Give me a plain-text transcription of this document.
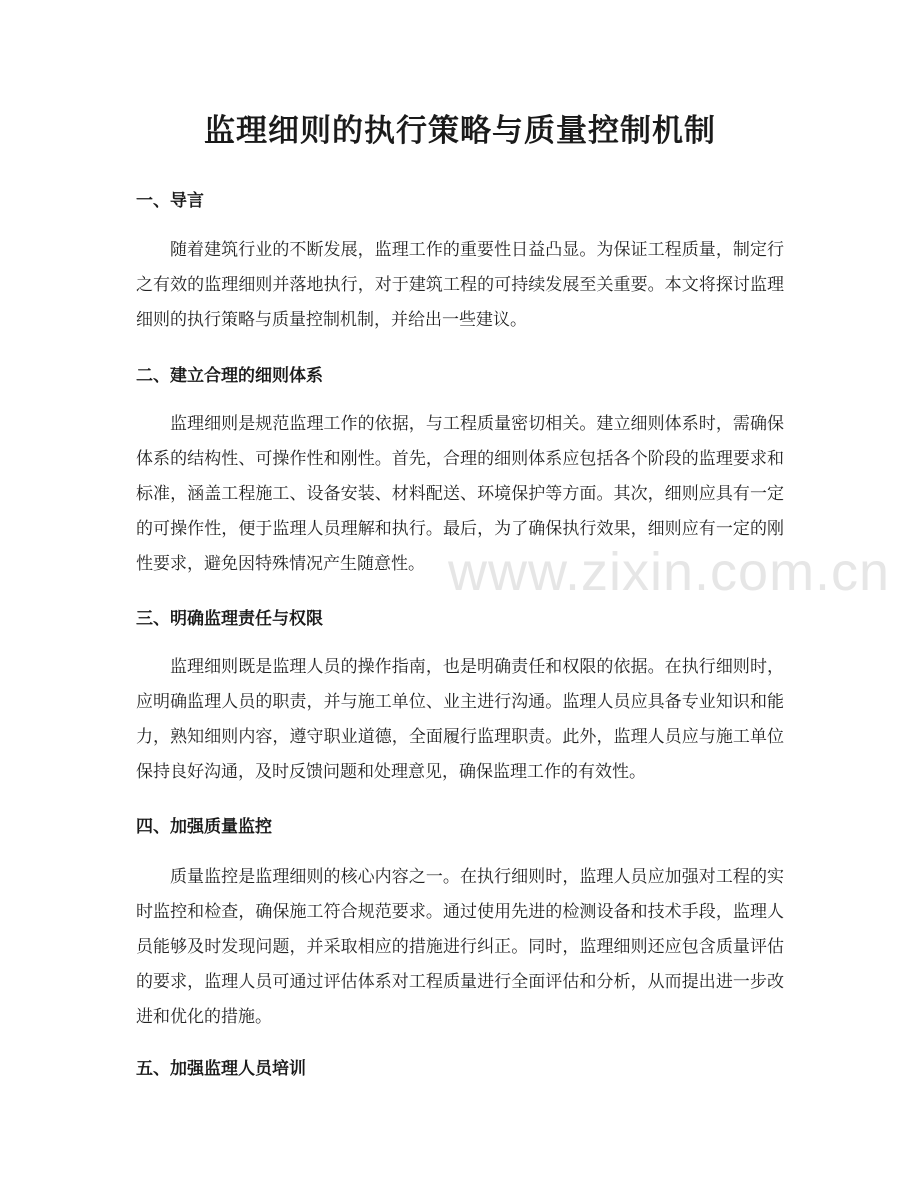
监理细则的执行策略与质量控制机制
一、导言

随着建筑行业的不断发展，监理工作的重要性日益凸显。为保证工程质量，制定行之有效的监理细则并落地执行，对于建筑工程的可持续发展至关重要。本文将探讨监理细则的执行策略与质量控制机制，并给出一些建议。

二、建立合理的细则体系

监理细则是规范监理工作的依据，与工程质量密切相关。建立细则体系时，需确保体系的结构性、可操作性和刚性。首先，合理的细则体系应包括各个阶段的监理要求和标准，涵盖工程施工、设备安装、材料配送、环境保护等方面。其次，细则应具有一定的可操作性，便于监理人员理解和执行。最后，为了确保执行效果，细则应有一定的刚性要求，避免因特殊情况产生随意性。 www.zixin.com.cn
三、明确监理责任与权限

监理细则既是监理人员的操作指南，也是明确责任和权限的依据。在执行细则时，应明确监理人员的职责，并与施工单位、业主进行沟通。监理人员应具备专业知识和能力，熟知细则内容，遵守职业道德，全面履行监理职责。此外，监理人员应与施工单位保持良好沟通，及时反馈问题和处理意见，确保监理工作的有效性。

四、加强质量监控

质量监控是监理细则的核心内容之一。在执行细则时，监理人员应加强对工程的实时监控和检查，确保施工符合规范要求。通过使用先进的检测设备和技术手段，监理人员能够及时发现问题，并采取相应的措施进行纠正。同时，监理细则还应包含质量评估的要求，监理人员可通过评估体系对工程质量进行全面评估和分析，从而提出进一步改进和优化的措施。

五、加强监理人员培训
